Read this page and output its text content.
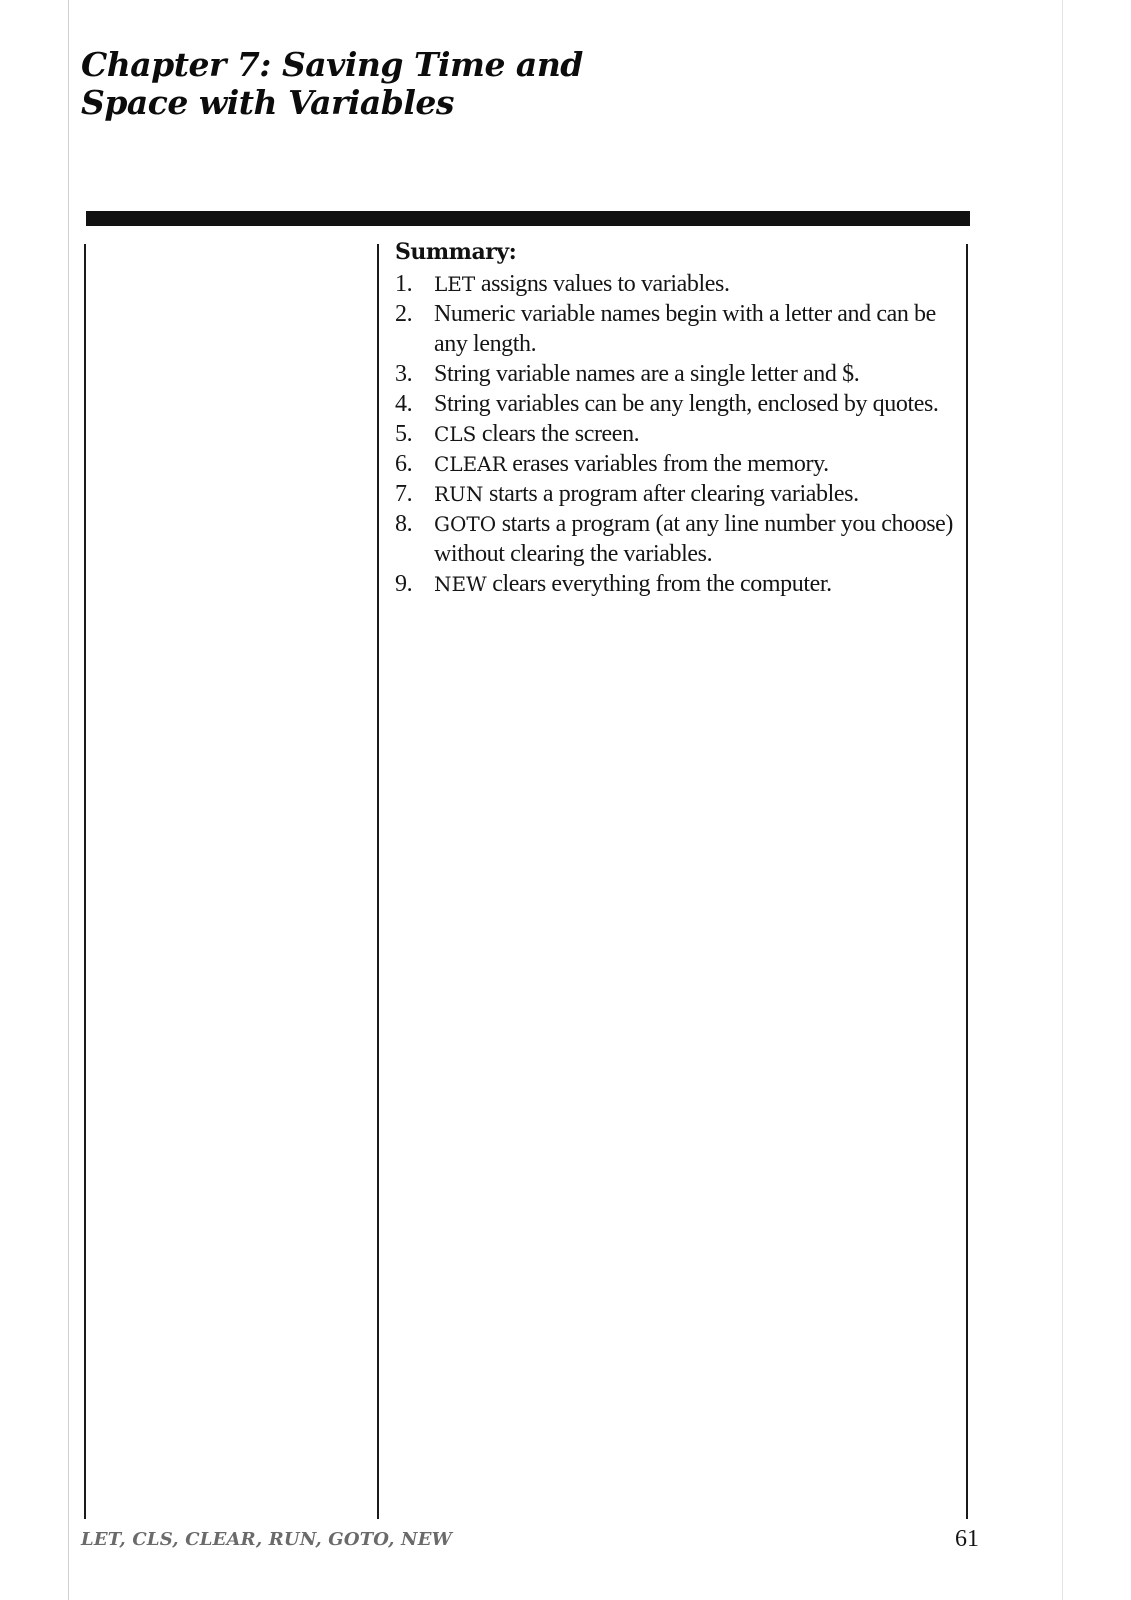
Chapter 7: Saving Time and
Space with Variables
Summary:
1.	LET assigns values to variables.
2. Numeric variable names begin with a letter and can be any length.
3. String variable names are a single letter and $.
4. String variables can be any length, enclosed by quotes.
5.	CLS clears the screen.
6.	CLEAR erases variables from the memory.
7.	RUN starts a program after clearing variables.
8.	GOTO starts a program (at any line number you choose) without clearing the variables.
9.	NEW clears everything from the computer.
LET, CLS, CLEAR, RUN, GOTO, NEW	61
